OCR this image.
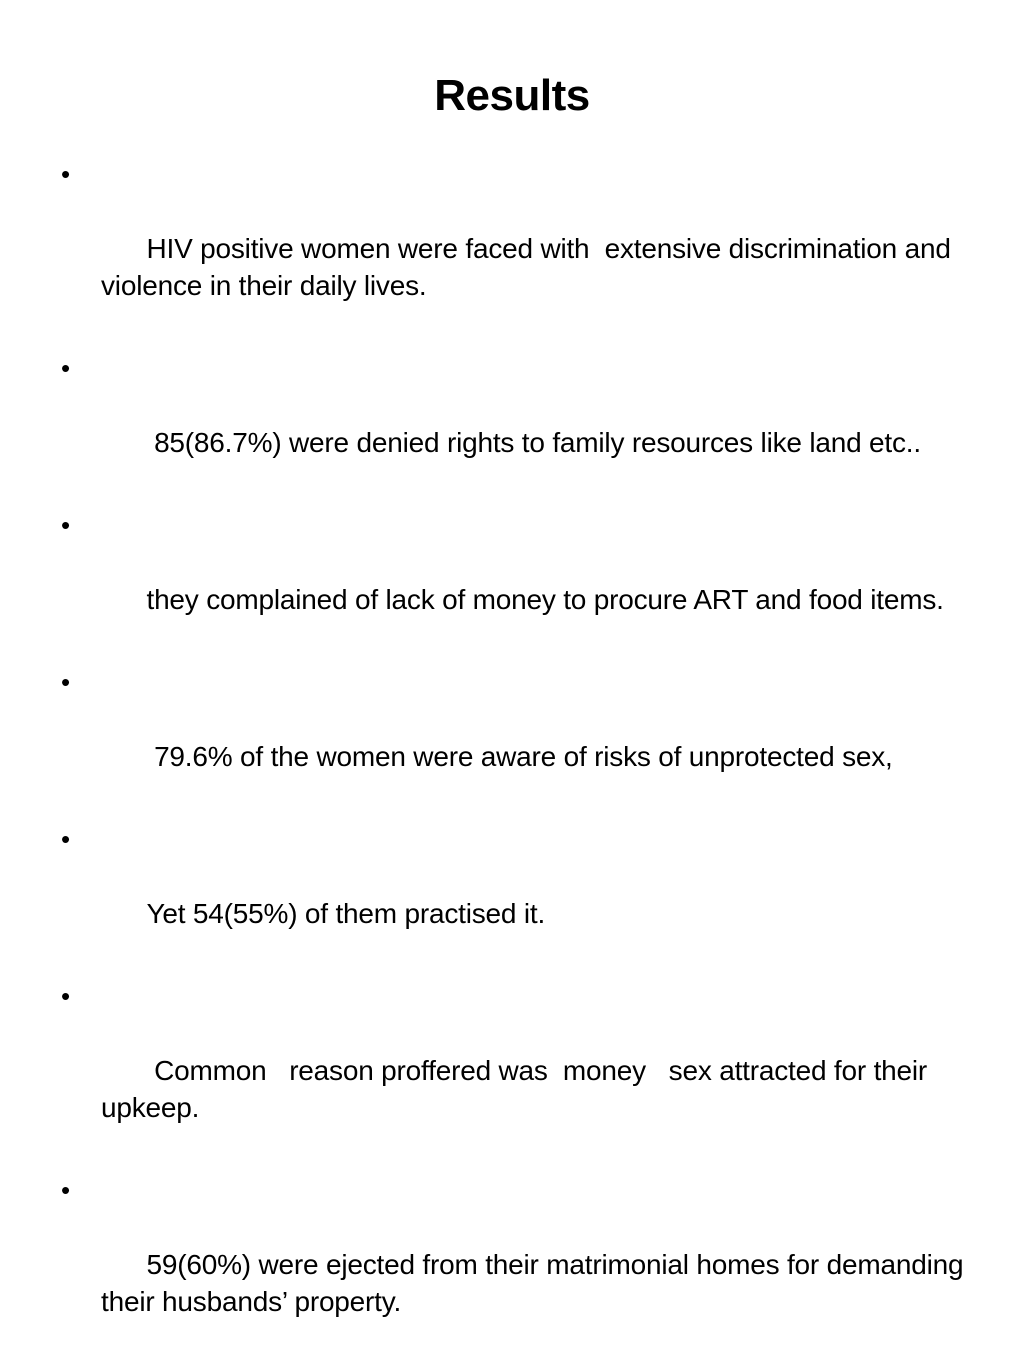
Results

•

HIV positive women were faced with  extensive discrimination and violence in their daily lives.

•

85(86.7%) were denied rights to family resources like land etc..

•

they complained of lack of money to procure ART and food items.

•

79.6% of the women were aware of risks of unprotected sex,

•

Yet 54(55%) of them practised it.

•

Common   reason proffered was  money   sex attracted for their upkeep.

•

59(60%) were ejected from their matrimonial homes for demanding  their husbands’ property.
